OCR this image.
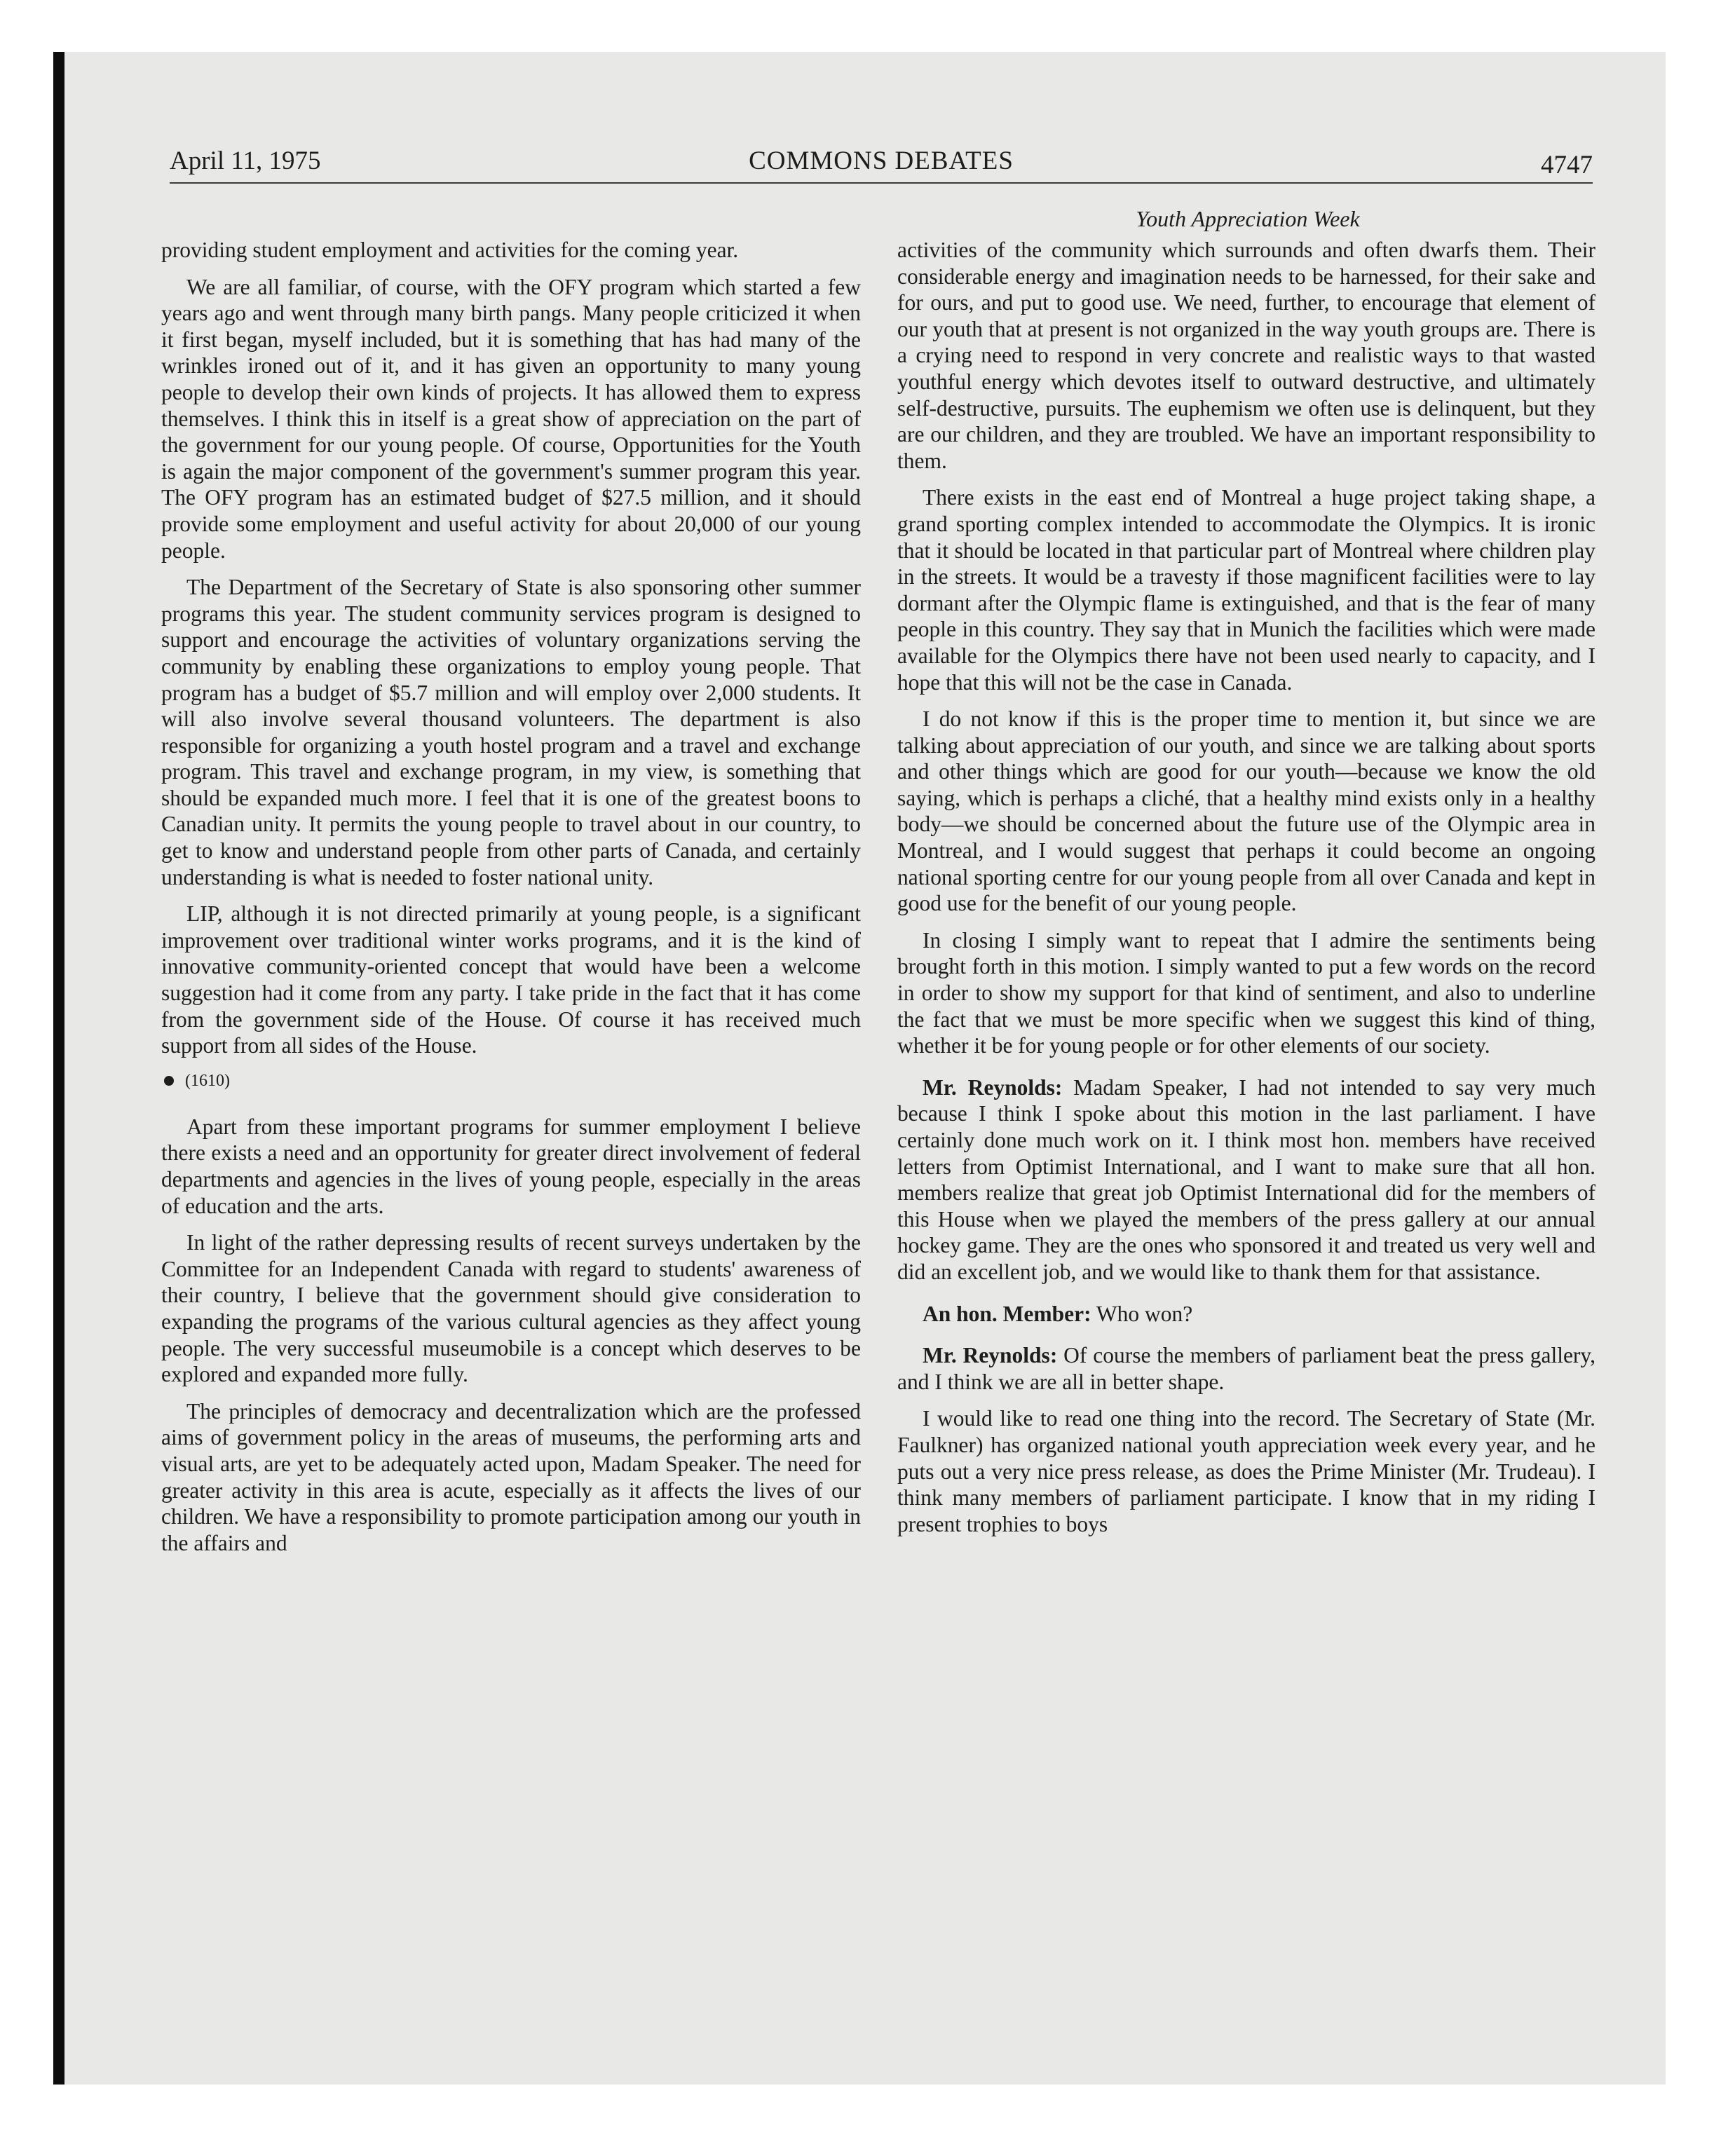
April 11, 1975	COMMONS DEBATES	4747
Youth Appreciation Week

providing student employment and activities for the coming year.

We are all familiar, of course, with the OFY program which started a few years ago and went through many birth pangs. Many people criticized it when it first began, myself included, but it is something that has had many of the wrinkles ironed out of it, and it has given an opportunity to many young people to develop their own kinds of projects. It has allowed them to express themselves. I think this in itself is a great show of appreciation on the part of the government for our young people. Of course, Opportunities for the Youth is again the major component of the government's summer program this year. The OFY program has an estimated budget of $27.5 million, and it should provide some employment and useful activity for about 20,000 of our young people.

The Department of the Secretary of State is also sponsoring other summer programs this year. The student community services program is designed to support and encourage the activities of voluntary organizations serving the community by enabling these organizations to employ young people. That program has a budget of $5.7 million and will employ over 2,000 students. It will also involve several thousand volunteers. The department is also responsible for organizing a youth hostel program and a travel and exchange program. This travel and exchange program, in my view, is something that should be expanded much more. I feel that it is one of the greatest boons to Canadian unity. It permits the young people to travel about in our country, to get to know and understand people from other parts of Canada, and certainly understanding is what is needed to foster national unity.

LIP, although it is not directed primarily at young people, is a significant improvement over traditional winter works programs, and it is the kind of innovative community-oriented concept that would have been a welcome suggestion had it come from any party. I take pride in the fact that it has come from the government side of the House. Of course it has received much support from all sides of the House.

(1610)

Apart from these important programs for summer employment I believe there exists a need and an opportunity for greater direct involvement of federal departments and agencies in the lives of young people, especially in the areas of education and the arts.

In light of the rather depressing results of recent surveys undertaken by the Committee for an Independent Canada with regard to students' awareness of their country, I believe that the government should give consideration to expanding the programs of the various cultural agencies as they affect young people. The very successful museumobile is a concept which deserves to be explored and expanded more fully.

The principles of democracy and decentralization which are the professed aims of government policy in the areas of museums, the performing arts and visual arts, are yet to be adequately acted upon, Madam Speaker. The need for greater activity in this area is acute, especially as it affects the lives of our children. We have a responsibility to promote participation among our youth in the affairs and

activities of the community which surrounds and often dwarfs them. Their considerable energy and imagination needs to be harnessed, for their sake and for ours, and put to good use. We need, further, to encourage that element of our youth that at present is not organized in the way youth groups are. There is a crying need to respond in very concrete and realistic ways to that wasted youthful energy which devotes itself to outward destructive, and ultimately self-destructive, pursuits. The euphemism we often use is delinquent, but they are our children, and they are troubled. We have an important responsibility to them.

There exists in the east end of Montreal a huge project taking shape, a grand sporting complex intended to accommodate the Olympics. It is ironic that it should be located in that particular part of Montreal where children play in the streets. It would be a travesty if those magnificent facilities were to lay dormant after the Olympic flame is extinguished, and that is the fear of many people in this country. They say that in Munich the facilities which were made available for the Olympics there have not been used nearly to capacity, and I hope that this will not be the case in Canada.

I do not know if this is the proper time to mention it, but since we are talking about appreciation of our youth, and since we are talking about sports and other things which are good for our youth—because we know the old saying, which is perhaps a cliché, that a healthy mind exists only in a healthy body—we should be concerned about the future use of the Olympic area in Montreal, and I would suggest that perhaps it could become an ongoing national sporting centre for our young people from all over Canada and kept in good use for the benefit of our young people.

In closing I simply want to repeat that I admire the sentiments being brought forth in this motion. I simply wanted to put a few words on the record in order to show my support for that kind of sentiment, and also to underline the fact that we must be more specific when we suggest this kind of thing, whether it be for young people or for other elements of our society.

Mr. Reynolds: Madam Speaker, I had not intended to say very much because I think I spoke about this motion in the last parliament. I have certainly done much work on it. I think most hon. members have received letters from Optimist International, and I want to make sure that all hon. members realize that great job Optimist International did for the members of this House when we played the members of the press gallery at our annual hockey game. They are the ones who sponsored it and treated us very well and did an excellent job, and we would like to thank them for that assistance.

An hon. Member: Who won?

Mr. Reynolds: Of course the members of parliament beat the press gallery, and I think we are all in better shape.

I would like to read one thing into the record. The Secretary of State (Mr. Faulkner) has organized national youth appreciation week every year, and he puts out a very nice press release, as does the Prime Minister (Mr. Trudeau). I think many members of parliament participate. I know that in my riding I present trophies to boys
